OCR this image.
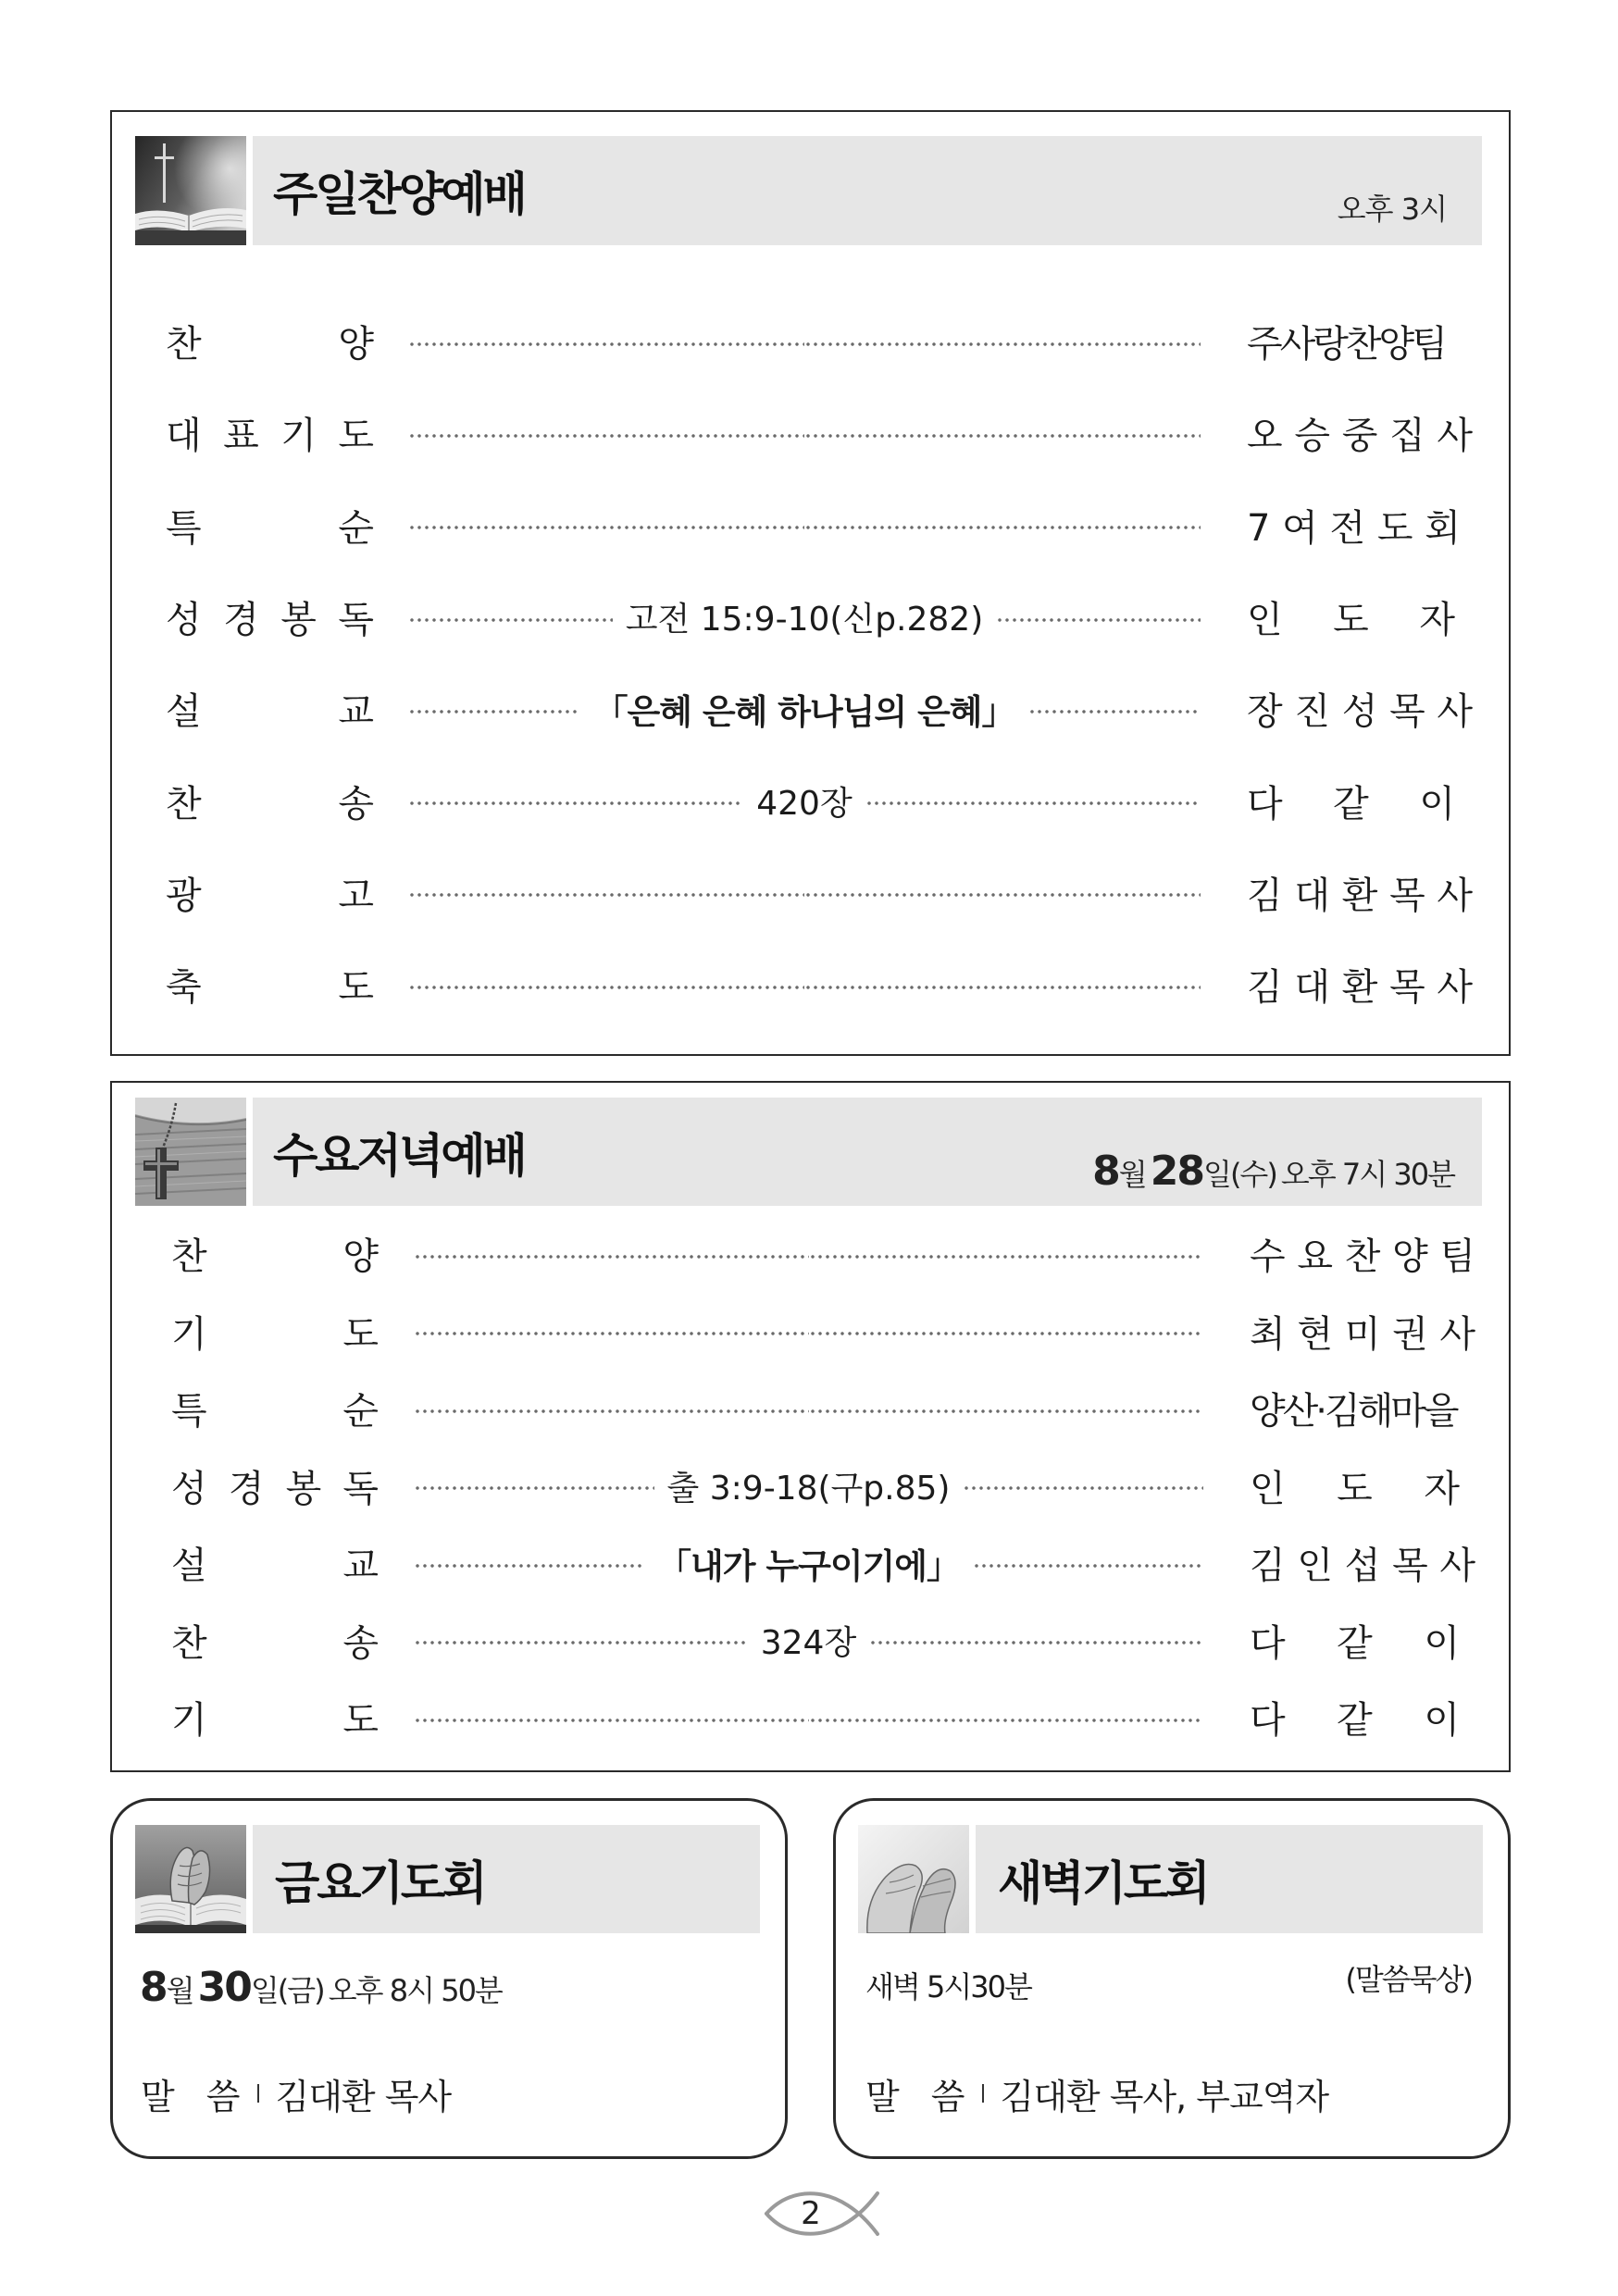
주일찬양예배	오후 3시
찬 양	주사랑찬양팀
대 표 기 도	오 승 중 집 사
특 순	7 여 전 도 회
성 경 봉 독	고전 15:9-10(신p.282)	인 도 자
설 교	「은혜 은혜 하나님의 은혜」	장 진 성 목 사
찬 송	420장	다 같 이
광 고	김 대 환 목 사
축 도	김 대 환 목 사
수요저녁예배	8월 28일(수) 오후 7시 30분
찬 양	수 요 찬 양 팀
기 도	최 현 미 권 사
특 순	양산·김해마을
성 경 봉 독	출 3:9-18(구p.85)	인 도 자
설 교	「내가 누구이기에」	김 인 섭 목 사
찬 송	324장	다 같 이
기 도	다 같 이
금요기도회
8월 30일(금) 오후 8시 50분
말 씀 김대환 목사
새벽기도회
새벽 5시30분	(말씀묵상)
말 씀 김대환 목사, 부교역자
2
